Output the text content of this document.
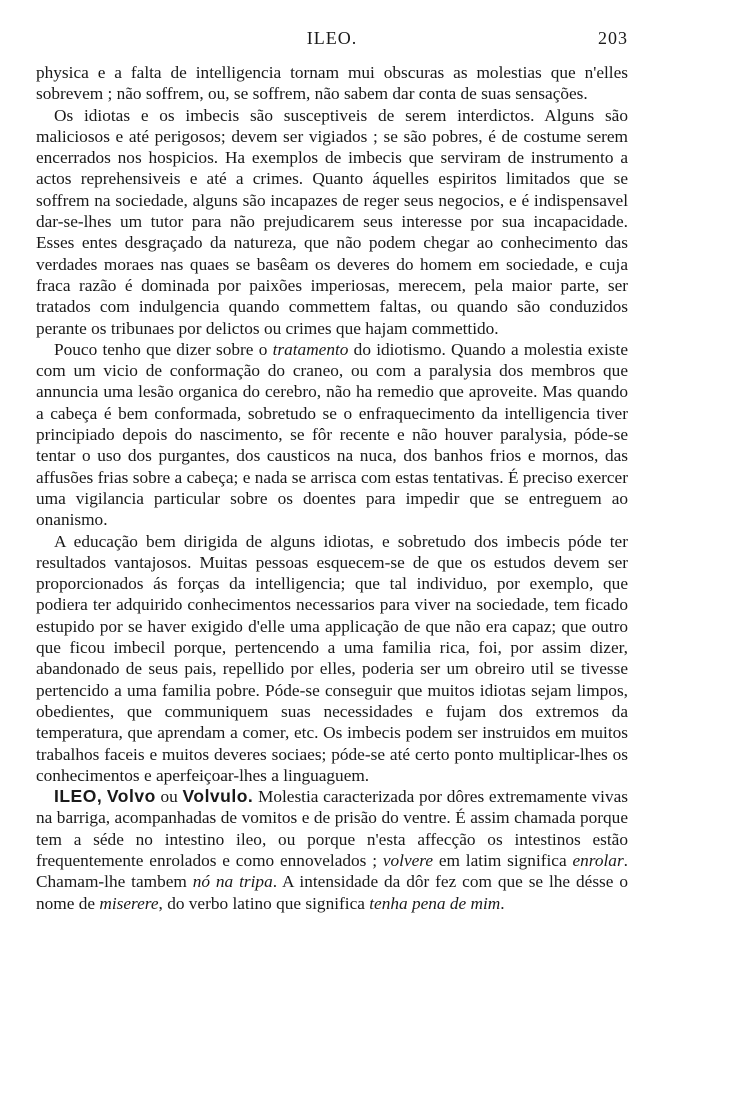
ILEO.	203

physica e a falta de intelligencia tornam mui obscuras as molestias que n'elles sobrevem ; não soffrem, ou, se soffrem, não sabem dar conta de suas sensações.

Os idiotas e os imbecis são susceptiveis de serem interdictos. Alguns são maliciosos e até perigosos; devem ser vigiados ; se são pobres, é de costume serem encerrados nos hospicios. Ha exemplos de imbecis que serviram de instrumento a actos reprehensiveis e até a crimes. Quanto áquelles espiritos limitados que se soffrem na sociedade, alguns são incapazes de reger seus negocios, e é indispensavel dar-se-lhes um tutor para não prejudicarem seus interesse por sua incapacidade. Esses entes desgraçado da natureza, que não podem chegar ao conhecimento das verdades moraes nas quaes se basêam os deveres do homem em sociedade, e cuja fraca razão é dominada por paixões imperiosas, merecem, pela maior parte, ser tratados com indulgencia quando commettem faltas, ou quando são conduzidos perante os tribunaes por delictos ou crimes que hajam commettido.

Pouco tenho que dizer sobre o tratamento do idiotismo. Quando a molestia existe com um vicio de conformação do craneo, ou com a paralysia dos membros que annuncia uma lesão organica do cerebro, não ha remedio que aproveite. Mas quando a cabeça é bem conformada, sobretudo se o enfraquecimento da intelligencia tiver principiado depois do nascimento, se fôr recente e não houver paralysia, póde-se tentar o uso dos purgantes, dos causticos na nuca, dos banhos frios e mornos, das affusões frias sobre a cabeça; e nada se arrisca com estas tentativas. É preciso exercer uma vigilancia particular sobre os doentes para impedir que se entreguem ao onanismo.

A educação bem dirigida de alguns idiotas, e sobretudo dos imbecis póde ter resultados vantajosos. Muitas pessoas esquecem-se de que os estudos devem ser proporcionados ás forças da intelligencia; que tal individuo, por exemplo, que podiera ter adquirido conhecimentos necessarios para viver na sociedade, tem ficado estupido por se haver exigido d'elle uma applicação de que não era capaz; que outro que ficou imbecil porque, pertencendo a uma familia rica, foi, por assim dizer, abandonado de seus pais, repellido por elles, poderia ser um obreiro util se tivesse pertencido a uma familia pobre. Póde-se conseguir que muitos idiotas sejam limpos, obedientes, que communiquem suas necessidades e fujam dos extremos da temperatura, que aprendam a comer, etc. Os imbecis podem ser instruidos em muitos trabalhos faceis e muitos deveres sociaes; póde-se até certo ponto multiplicar-lhes os conhecimentos e aperfeiçoar-lhes a linguaguem.

ILEO, Volvo ou Volvulo. Molestia caracterizada por dôres extremamente vivas na barriga, acompanhadas de vomitos e de prisão do ventre. É assim chamada porque tem a séde no intestino ileo, ou porque n'esta affecção os intestinos estão frequentemente enrolados e como ennovelados ; volvere em latim significa enrolar. Chamam-lhe tambem nó na tripa. A intensidade da dôr fez com que se lhe désse o nome de miserere, do verbo latino que significa tenha pena de mim.
